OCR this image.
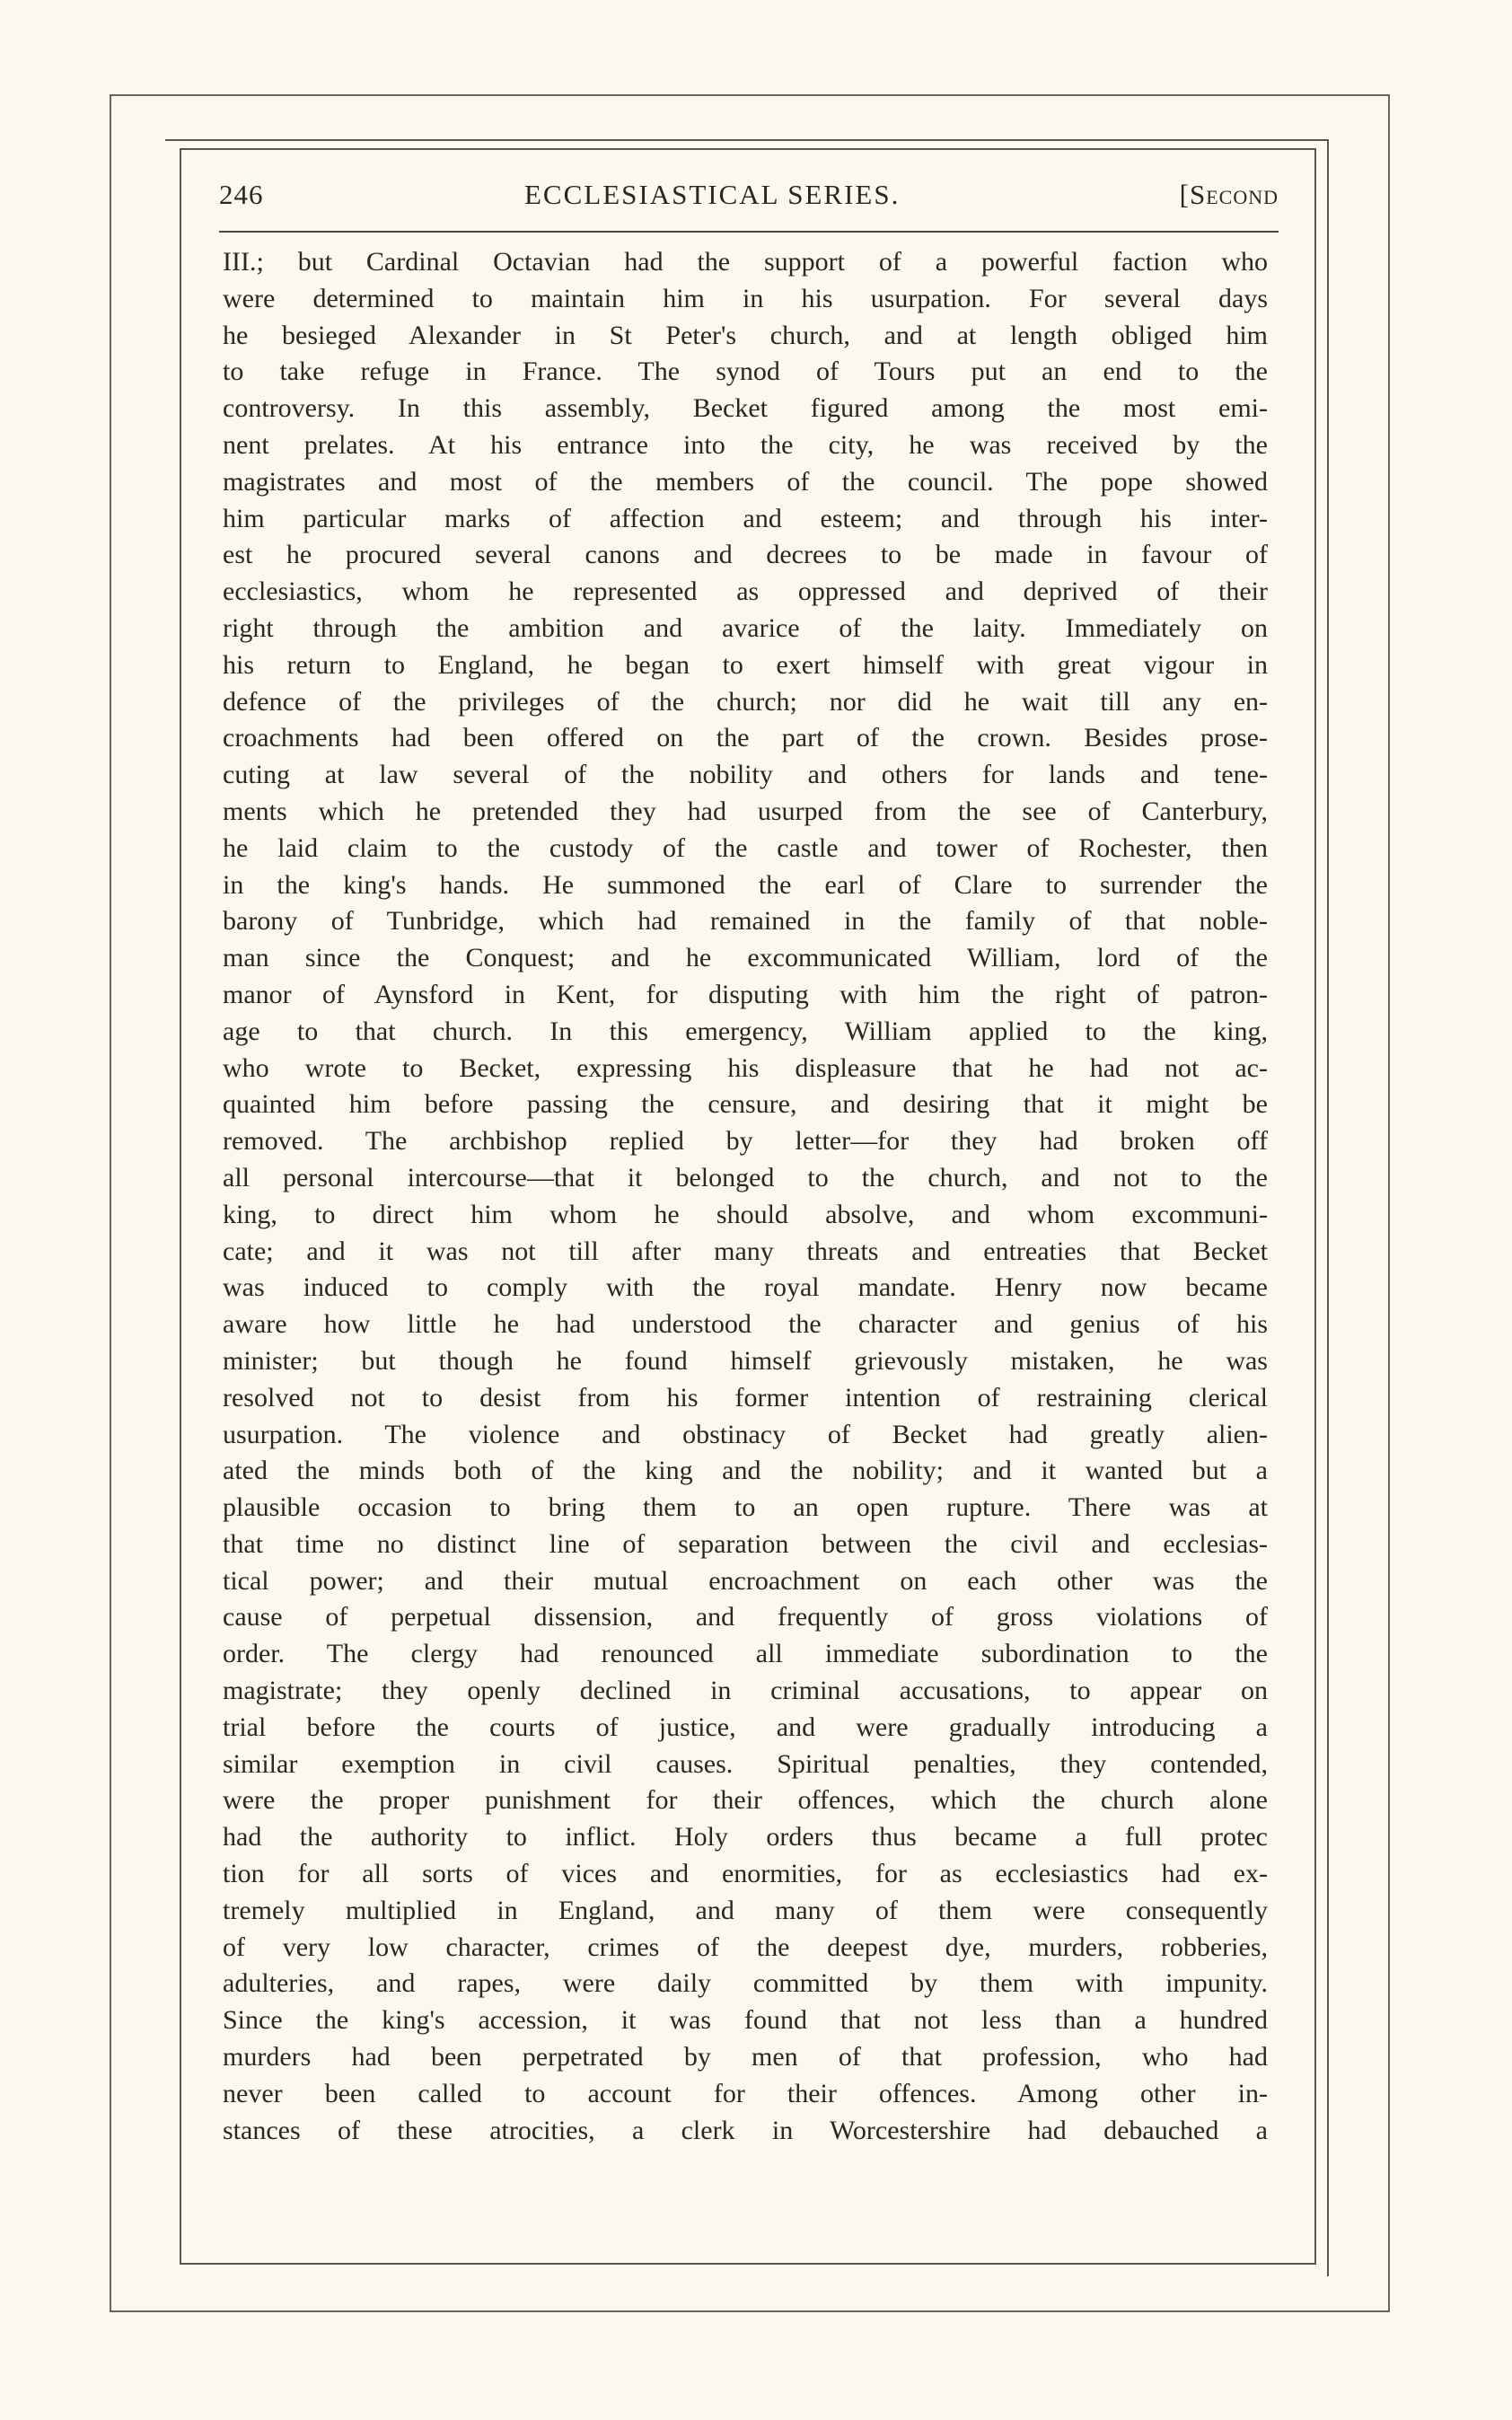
246	ECCLESIASTICAL SERIES.	[Second
III.; but Cardinal Octavian had the support of a powerful faction who
were determined to maintain him in his usurpation. For several days
he besieged Alexander in St Peter's church, and at length obliged him
to take refuge in France. The synod of Tours put an end to the
controversy. In this assembly, Becket figured among the most emi-
nent prelates. At his entrance into the city, he was received by the
magistrates and most of the members of the council. The pope showed
him particular marks of affection and esteem; and through his inter-
est he procured several canons and decrees to be made in favour of
ecclesiastics, whom he represented as oppressed and deprived of their
right through the ambition and avarice of the laity. Immediately on
his return to England, he began to exert himself with great vigour in
defence of the privileges of the church; nor did he wait till any en-
croachments had been offered on the part of the crown. Besides prose-
cuting at law several of the nobility and others for lands and tene-
ments which he pretended they had usurped from the see of Canterbury,
he laid claim to the custody of the castle and tower of Rochester, then
in the king's hands. He summoned the earl of Clare to surrender the
barony of Tunbridge, which had remained in the family of that noble-
man since the Conquest; and he excommunicated William, lord of the
manor of Aynsford in Kent, for disputing with him the right of patron-
age to that church. In this emergency, William applied to the king,
who wrote to Becket, expressing his displeasure that he had not ac-
quainted him before passing the censure, and desiring that it might be
removed. The archbishop replied by letter—for they had broken off
all personal intercourse—that it belonged to the church, and not to the
king, to direct him whom he should absolve, and whom excommuni-
cate; and it was not till after many threats and entreaties that Becket
was induced to comply with the royal mandate. Henry now became
aware how little he had understood the character and genius of his
minister; but though he found himself grievously mistaken, he was
resolved not to desist from his former intention of restraining clerical
usurpation. The violence and obstinacy of Becket had greatly alien-
ated the minds both of the king and the nobility; and it wanted but a
plausible occasion to bring them to an open rupture. There was at
that time no distinct line of separation between the civil and ecclesias-
tical power; and their mutual encroachment on each other was the
cause of perpetual dissension, and frequently of gross violations of
order. The clergy had renounced all immediate subordination to the
magistrate; they openly declined in criminal accusations, to appear on
trial before the courts of justice, and were gradually introducing a
similar exemption in civil causes. Spiritual penalties, they contended,
were the proper punishment for their offences, which the church alone
had the authority to inflict. Holy orders thus became a full protec
tion for all sorts of vices and enormities, for as ecclesiastics had ex-
tremely multiplied in England, and many of them were consequently
of very low character, crimes of the deepest dye, murders, robberies,
adulteries, and rapes, were daily committed by them with impunity.
Since the king's accession, it was found that not less than a hundred
murders had been perpetrated by men of that profession, who had
never been called to account for their offences. Among other in-
stances of these atrocities, a clerk in Worcestershire had debauched a
